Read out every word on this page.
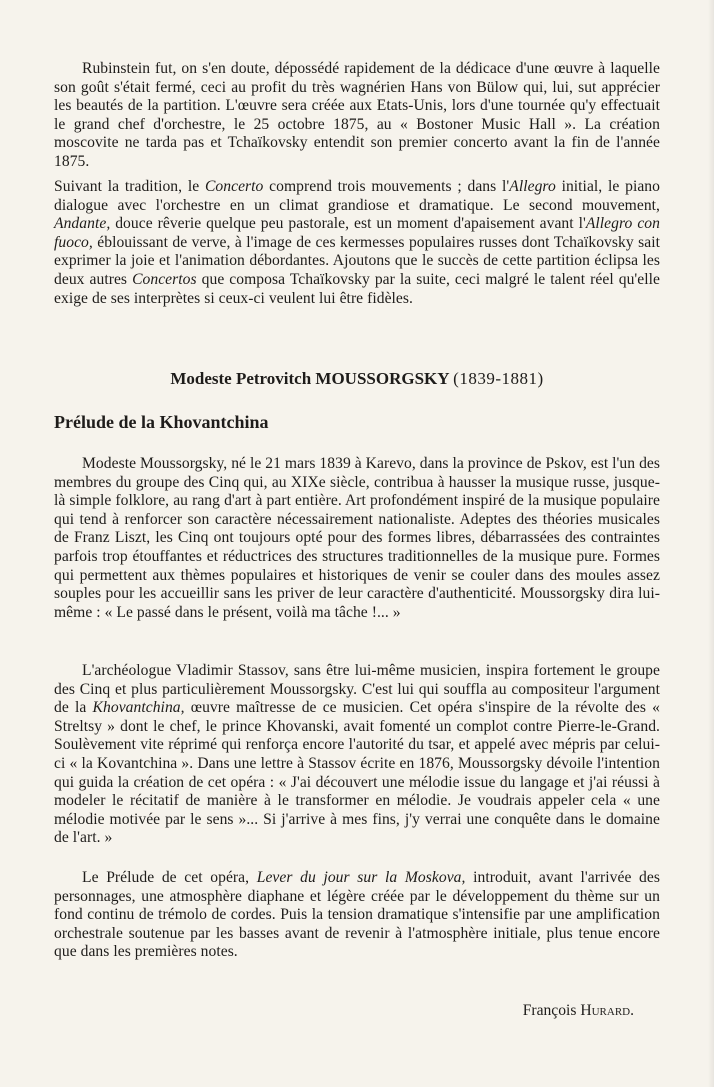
Rubinstein fut, on s'en doute, dépossédé rapidement de la dédicace d'une œuvre à laquelle son goût s'était fermé, ceci au profit du très wagnérien Hans von Bülow qui, lui, sut apprécier les beautés de la partition. L'œuvre sera créée aux Etats-Unis, lors d'une tournée qu'y effectuait le grand chef d'orchestre, le 25 octobre 1875, au « Bostoner Music Hall ». La création moscovite ne tarda pas et Tchaïkovsky entendit son premier concerto avant la fin de l'année 1875.

Suivant la tradition, le Concerto comprend trois mouvements ; dans l'Allegro initial, le piano dialogue avec l'orchestre en un climat grandiose et dramatique. Le second mouvement, Andante, douce rêverie quelque peu pastorale, est un moment d'apaisement avant l'Allegro con fuoco, éblouissant de verve, à l'image de ces kermesses populaires russes dont Tchaïkovsky sait exprimer la joie et l'animation débordantes. Ajoutons que le succès de cette partition éclipsa les deux autres Concertos que composa Tchaïkovsky par la suite, ceci malgré le talent réel qu'elle exige de ses interprètes si ceux-ci veulent lui être fidèles.

Modeste Petrovitch MOUSSORGSKY (1839-1881)
Prélude de la Khovantchina

Modeste Moussorgsky, né le 21 mars 1839 à Karevo, dans la province de Pskov, est l'un des membres du groupe des Cinq qui, au XIXe siècle, contribua à hausser la musique russe, jusque-là simple folklore, au rang d'art à part entière. Art profondément inspiré de la musique populaire qui tend à renforcer son caractère nécessairement nationaliste. Adeptes des théories musicales de Franz Liszt, les Cinq ont toujours opté pour des formes libres, débarrassées des contraintes parfois trop étouffantes et réductrices des structures traditionnelles de la musique pure. Formes qui permettent aux thèmes populaires et historiques de venir se couler dans des moules assez souples pour les accueillir sans les priver de leur caractère d'authenticité. Moussorgsky dira lui-même : « Le passé dans le présent, voilà ma tâche !... »

L'archéologue Vladimir Stassov, sans être lui-même musicien, inspira fortement le groupe des Cinq et plus particulièrement Moussorgsky. C'est lui qui souffla au compositeur l'argument de la Khovantchina, œuvre maîtresse de ce musicien. Cet opéra s'inspire de la révolte des « Streltsy » dont le chef, le prince Khovanski, avait fomenté un complot contre Pierre-le-Grand. Soulèvement vite réprimé qui renforça encore l'autorité du tsar, et appelé avec mépris par celui-ci « la Kovantchina ». Dans une lettre à Stassov écrite en 1876, Moussorgsky dévoile l'intention qui guida la création de cet opéra : « J'ai découvert une mélodie issue du langage et j'ai réussi à modeler le récitatif de manière à le transformer en mélodie. Je voudrais appeler cela « une mélodie motivée par le sens »... Si j'arrive à mes fins, j'y verrai une conquête dans le domaine de l'art. »

Le Prélude de cet opéra, Lever du jour sur la Moskova, introduit, avant l'arrivée des personnages, une atmosphère diaphane et légère créée par le développement du thème sur un fond continu de trémolo de cordes. Puis la tension dramatique s'intensifie par une amplification orchestrale soutenue par les basses avant de revenir à l'atmosphère initiale, plus tenue encore que dans les premières notes.

François Hurard.
